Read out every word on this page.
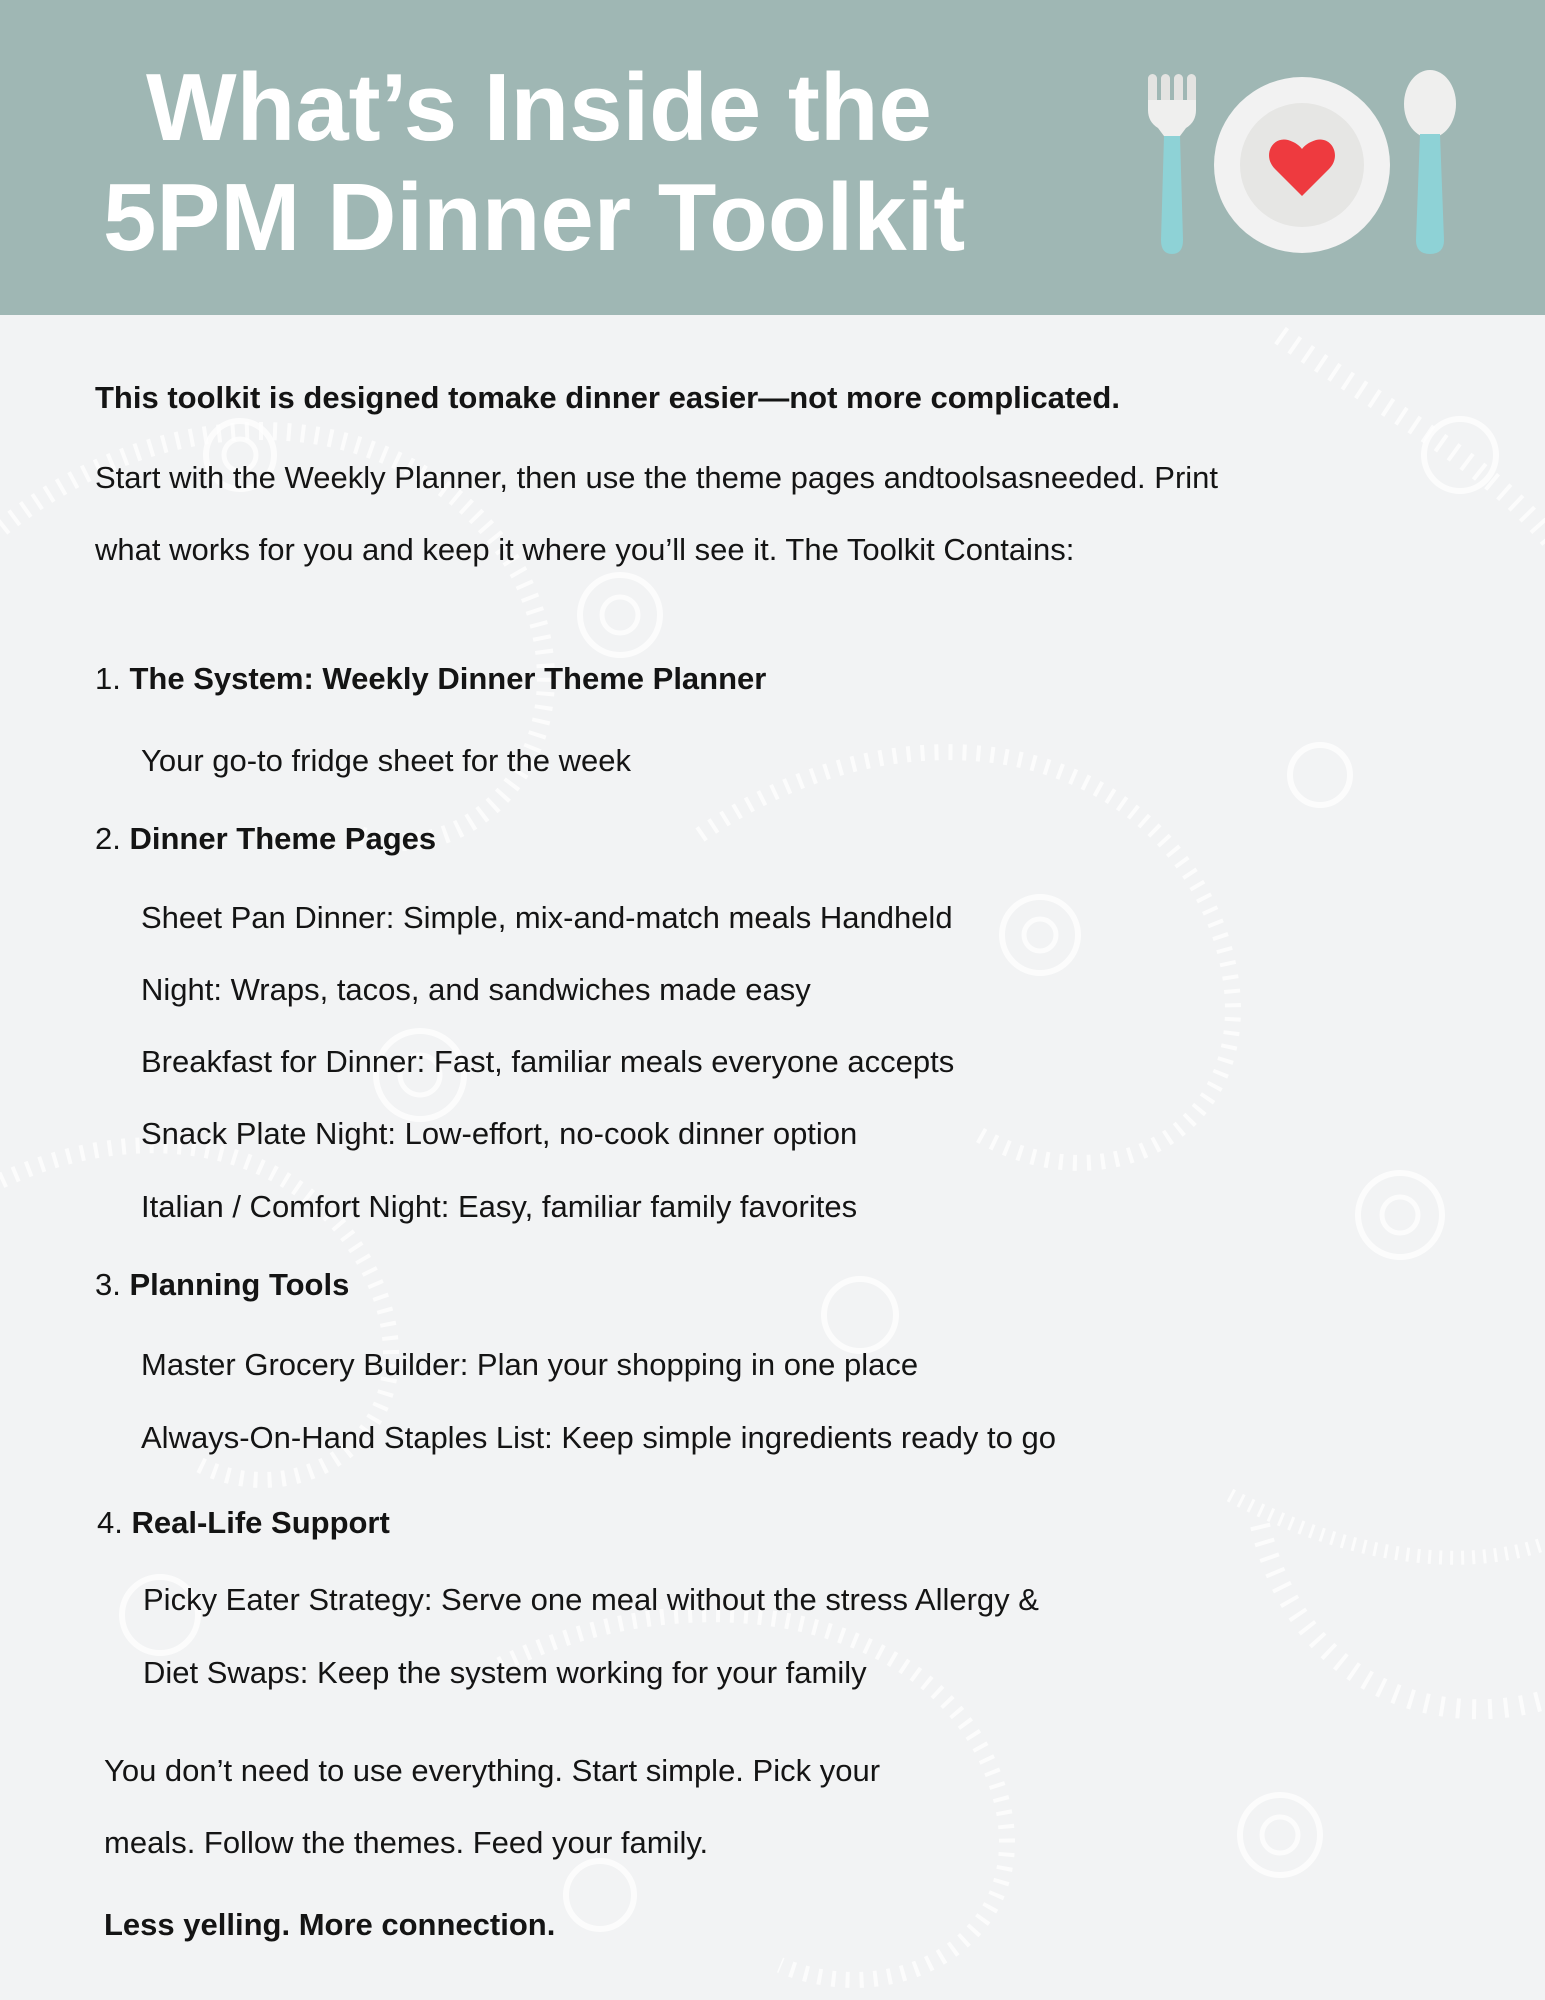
What’s Inside the
5PM Dinner Toolkit
This toolkit is designed tomake dinner easier—not more complicated.
Start with the Weekly Planner, then use the theme pages andtoolsasneeded. Print
what works for you and keep it where you’ll see it. The Toolkit Contains:
1. The System: Weekly Dinner Theme Planner
Your go-to fridge sheet for the week
2. Dinner Theme Pages
Sheet Pan Dinner: Simple, mix-and-match meals Handheld
Night: Wraps, tacos, and sandwiches made easy
Breakfast for Dinner: Fast, familiar meals everyone accepts
Snack Plate Night: Low-effort, no-cook dinner option
Italian / Comfort Night: Easy, familiar family favorites
3. Planning Tools
Master Grocery Builder: Plan your shopping in one place
Always-On-Hand Staples List: Keep simple ingredients ready to go
4. Real-Life Support
Picky Eater Strategy: Serve one meal without the stress Allergy &
Diet Swaps: Keep the system working for your family
You don’t need to use everything. Start simple. Pick your
meals. Follow the themes. Feed your family.
Less yelling. More connection.
